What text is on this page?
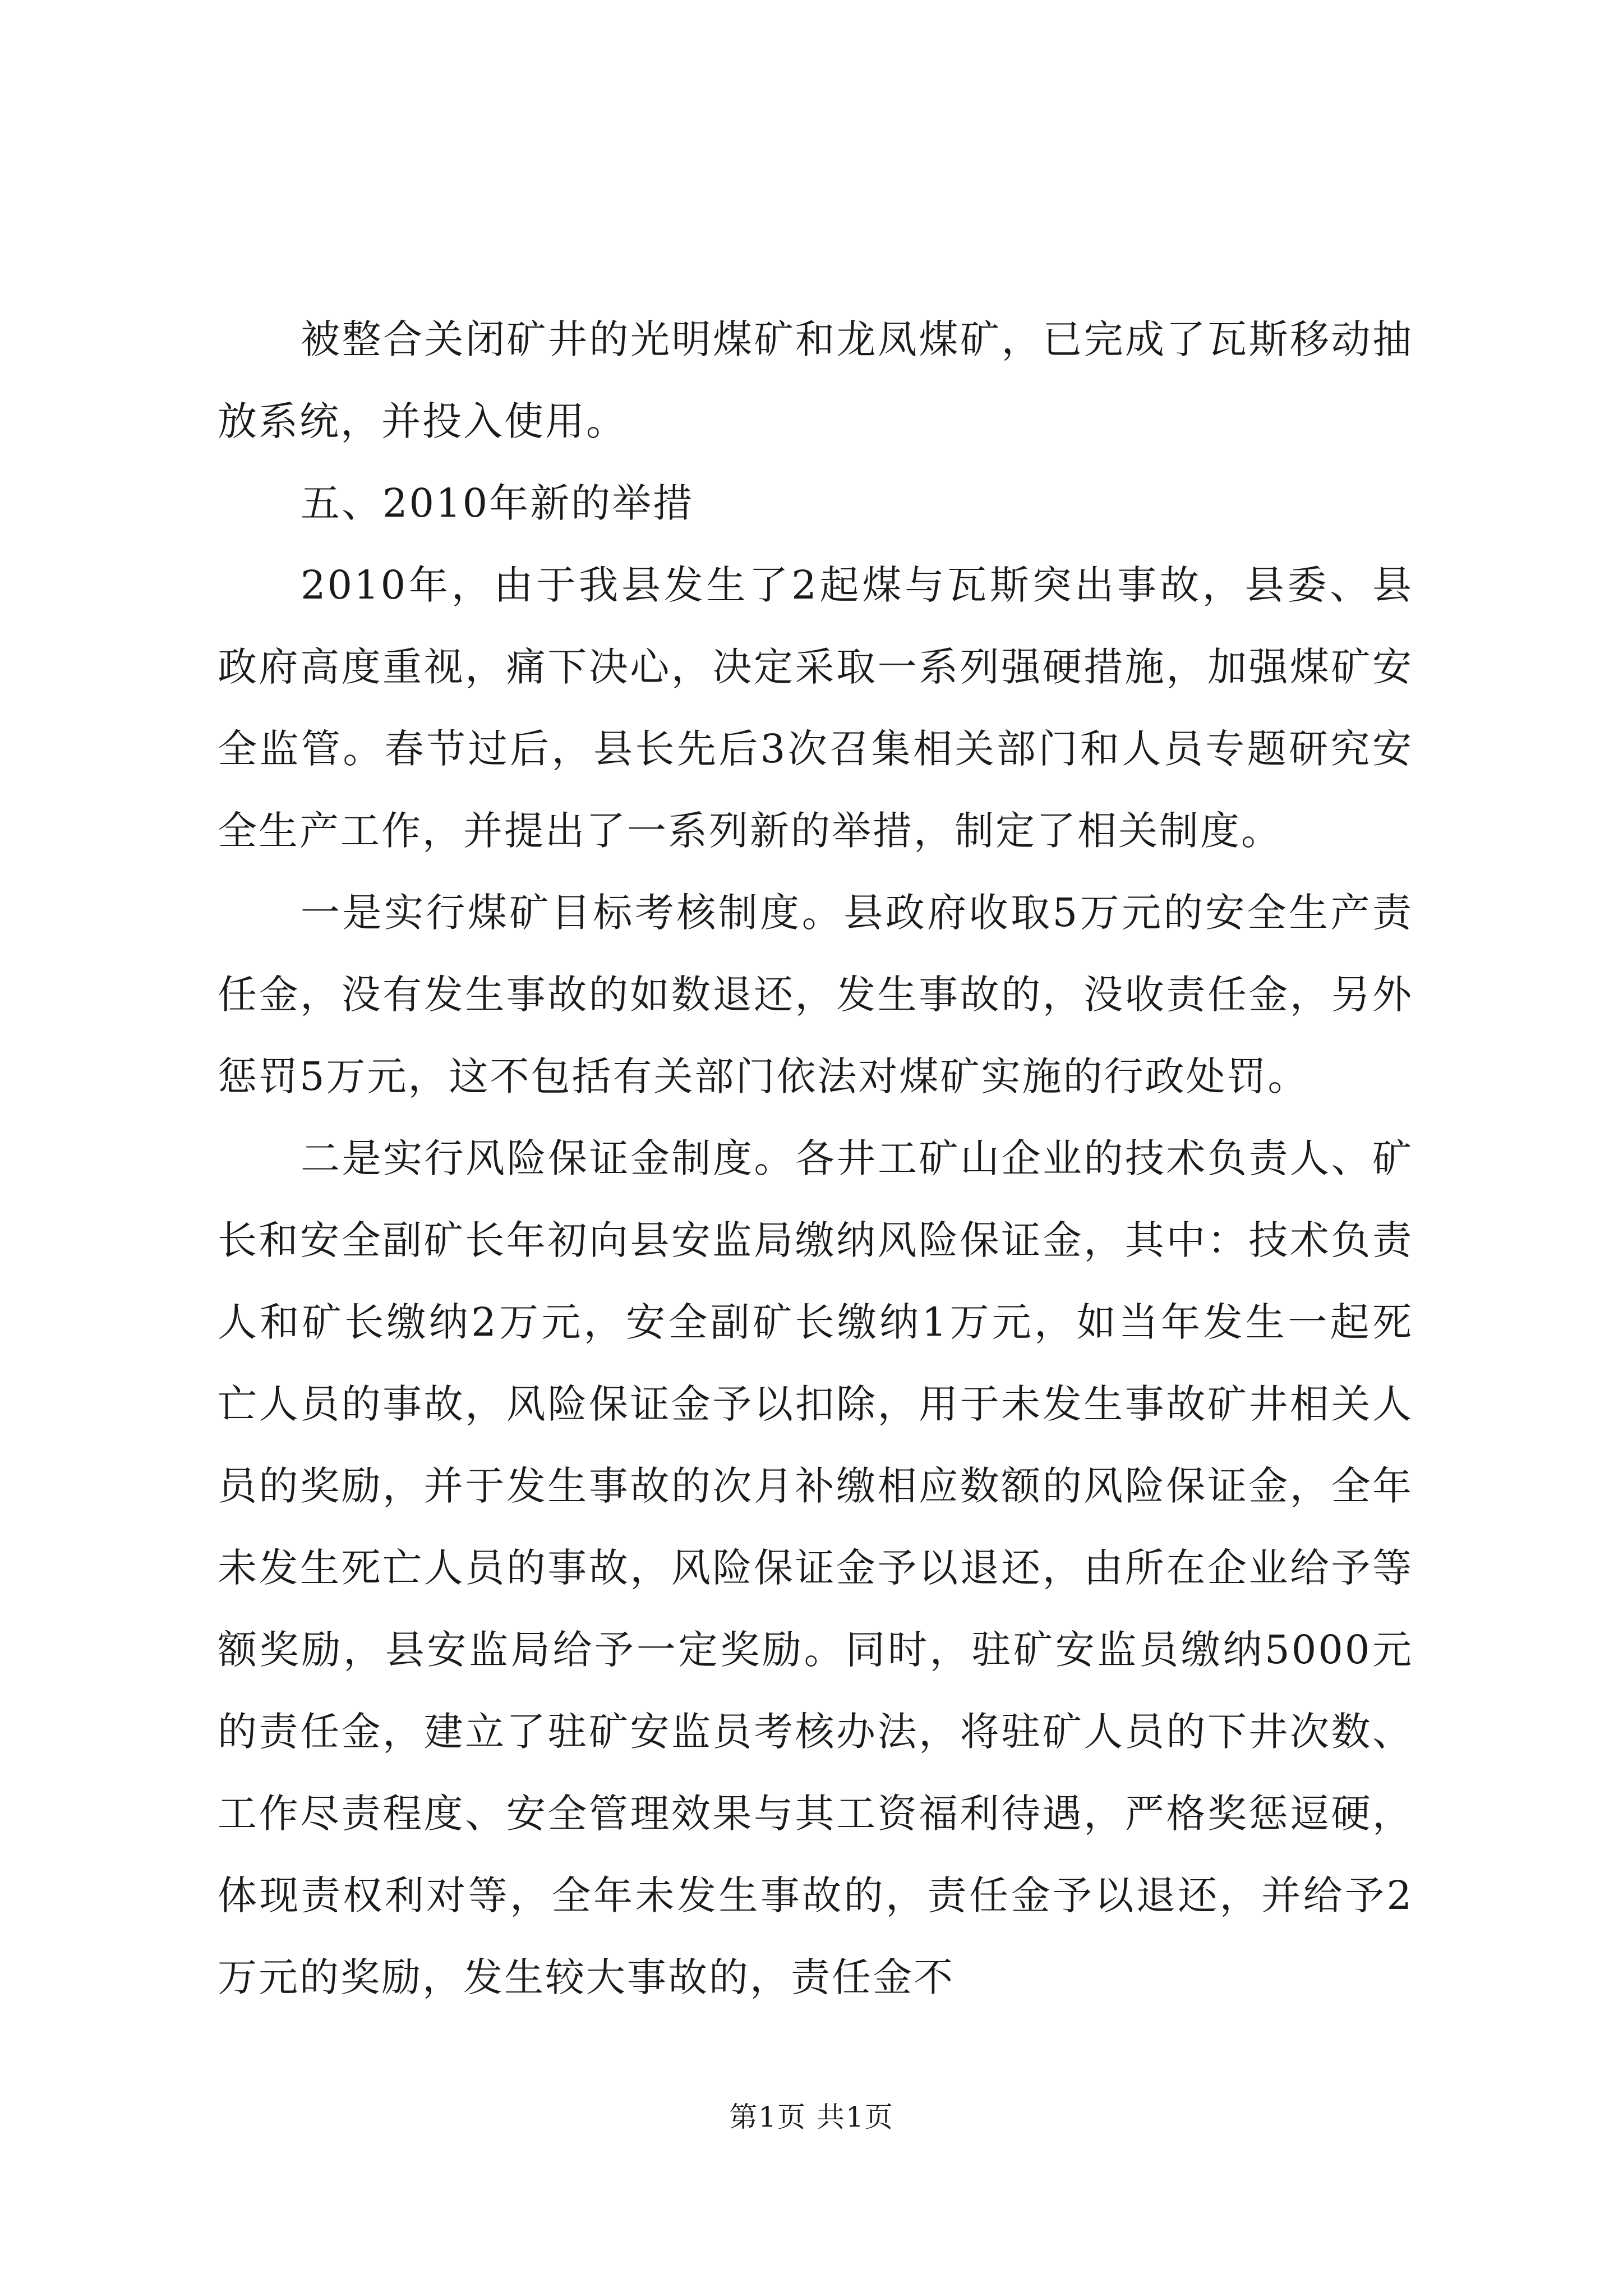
被整合关闭矿井的光明煤矿和龙凤煤矿，已完成了瓦斯移动抽放系统，并投入使用。

五、2010年新的举措

2010年，由于我县发生了2起煤与瓦斯突出事故，县委、县政府高度重视，痛下决心，决定采取一系列强硬措施，加强煤矿安全监管。春节过后，县长先后3次召集相关部门和人员专题研究安全生产工作，并提出了一系列新的举措，制定了相关制度。

一是实行煤矿目标考核制度。县政府收取5万元的安全生产责任金，没有发生事故的如数退还，发生事故的，没收责任金，另外惩罚5万元，这不包括有关部门依法对煤矿实施的行政处罚。

二是实行风险保证金制度。各井工矿山企业的技术负责人、矿长和安全副矿长年初向县安监局缴纳风险保证金，其中：技术负责人和矿长缴纳2万元，安全副矿长缴纳1万元，如当年发生一起死亡人员的事故，风险保证金予以扣除，用于未发生事故矿井相关人员的奖励，并于发生事故的次月补缴相应数额的风险保证金，全年未发生死亡人员的事故，风险保证金予以退还，由所在企业给予等额奖励，县安监局给予一定奖励。同时，驻矿安监员缴纳5000元的责任金，建立了驻矿安监员考核办法，将驻矿人员的下井次数、工作尽责程度、安全管理效果与其工资福利待遇，严格奖惩逗硬，体现责权利对等，全年未发生事故的，责任金予以退还，并给予2万元的奖励，发生较大事故的，责任金不

第1页 共1页
